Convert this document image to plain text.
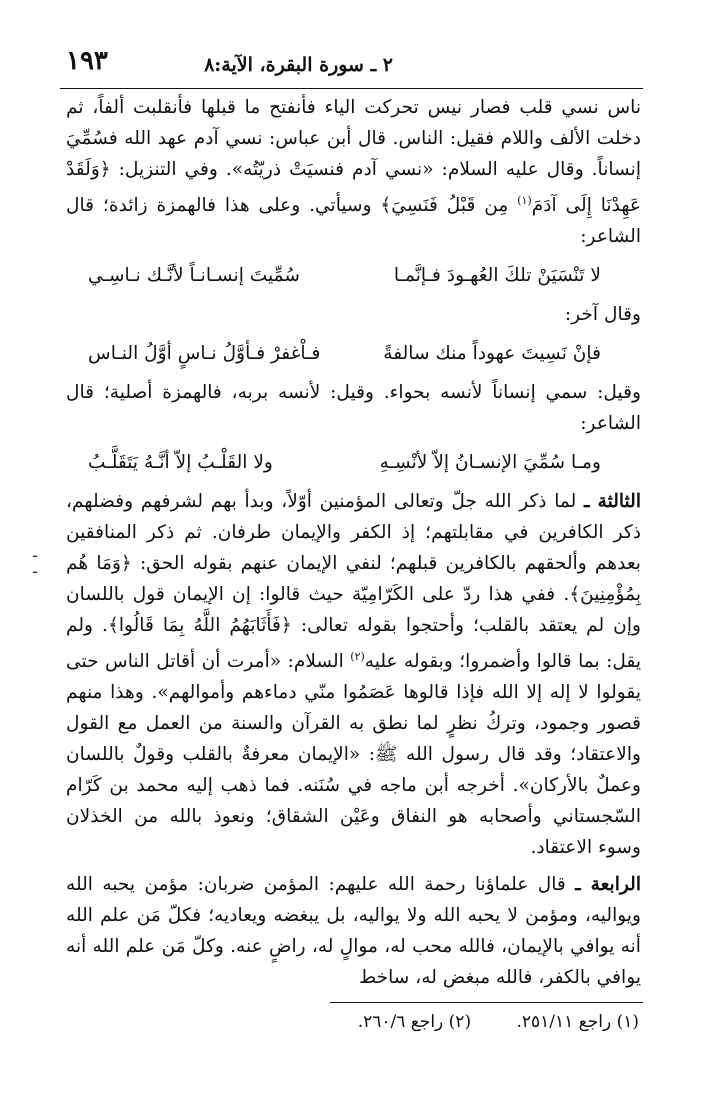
٢ ـ سورة البقرة، الآية:٨
١٩٣

ناس نسي قلب فصار نيس تحركت الياء فأنفتح ما قبلها فأنقلبت ألفاً، ثم دخلت الألف واللام فقيل: الناس. قال أبن عباس: نسي آدم عهد الله فسُمِّيَ إنساناً. وقال عليه السلام: «نسي آدم فنسيَتْ ذريّتُه». وفي التنزيل: ﴿وَلَقَدْ عَهِدْنَا إِلَى آدَمَ$^{(١)}$ مِن قَبْلُ فَنَسِيَ﴾ وسيأتي. وعلى هذا فالهمزة زائدة؛ قال الشاعر:

لا تَنْسَيَنْ تلكَ العُهـودَ فـإنَّمـا
سُمِّيتَ إنسـانـاً لأنَّـك نـاسِـي

وقال آخر:

فإنْ نَسِيتَ عهوداً منك سالفةً
فـاْغفرْ فـأوَّلُ نـاسٍ أوَّلُ النـاس

وقيل: سمي إنساناً لأنسه بحواء. وقيل: لأنسه بربه، فالهمزة أصلية؛ قال الشاعر:

ومـا سُمِّيَ الإنسـانُ إلاّ لأنْسِـهِ
ولا القَلْـبُ إلاّ أنَّـهُ يَتَقَلَّـبُ

الثالثة ـ لما ذكر الله جلّ وتعالى المؤمنين أوّلاً، وبدأ بهم لشرفهم وفضلهم، ذكر الكافرين في مقابلتهم؛ إذ الكفر والإيمان طرفان. ثم ذكر المنافقين بعدهم وألحقهم بالكافرين قبلهم؛ لنفي الإيمان عنهم بقوله الحق: ﴿وَمَا هُم بِمُؤْمِنِينَ﴾. ففي هذا ردّ على الكَرّامِيّة حيث قالوا: إن الإيمان قول باللسان وإن لم يعتقد بالقلب؛ وأحتجوا بقوله تعالى: ﴿فَأَثَابَهُمُ اللَّهُ بِمَا قَالُوا﴾. ولم يقل: بما قالوا وأضمروا؛ وبقوله عليه$^{(٢)}$ السلام: «أمرت أن أقاتل الناس حتى يقولوا لا إله إلا الله فإذا قالوها عَصَمُوا منّي دماءهم وأموالهم». وهذا منهم قصور وجمود، وتركُ نظرٍ لما نطق به القرآن والسنة من العمل مع القول والاعتقاد؛ وقد قال رسول الله ﷺ: «الإيمان معرفةٌ بالقلب وقولٌ باللسان وعملٌ بالأركان». أخرجه أبن ماجه في سُنَنه. فما ذهب إليه محمد بن كَرّام السّجستاني وأصحابه هو النفاق وعَيْن الشقاق؛ ونعوذ بالله من الخذلان وسوء الاعتقاد.

الرابعة ـ قال علماؤنا رحمة الله عليهم: المؤمن ضربان: مؤمن يحبه الله ويواليه، ومؤمن لا يحبه الله ولا يواليه، بل يبغضه ويعاديه؛ فكلّ مَن علم الله أنه يوافي بالإيمان، فالله محب له، موالٍ له، راضٍ عنه. وكلّ مَن علم الله أنه يوافي بالكفر، فالله مبغض له، ساخط

-
-
(١) راجع ٢٥١/١١. (٢) راجع ٢٦٠/٦.
